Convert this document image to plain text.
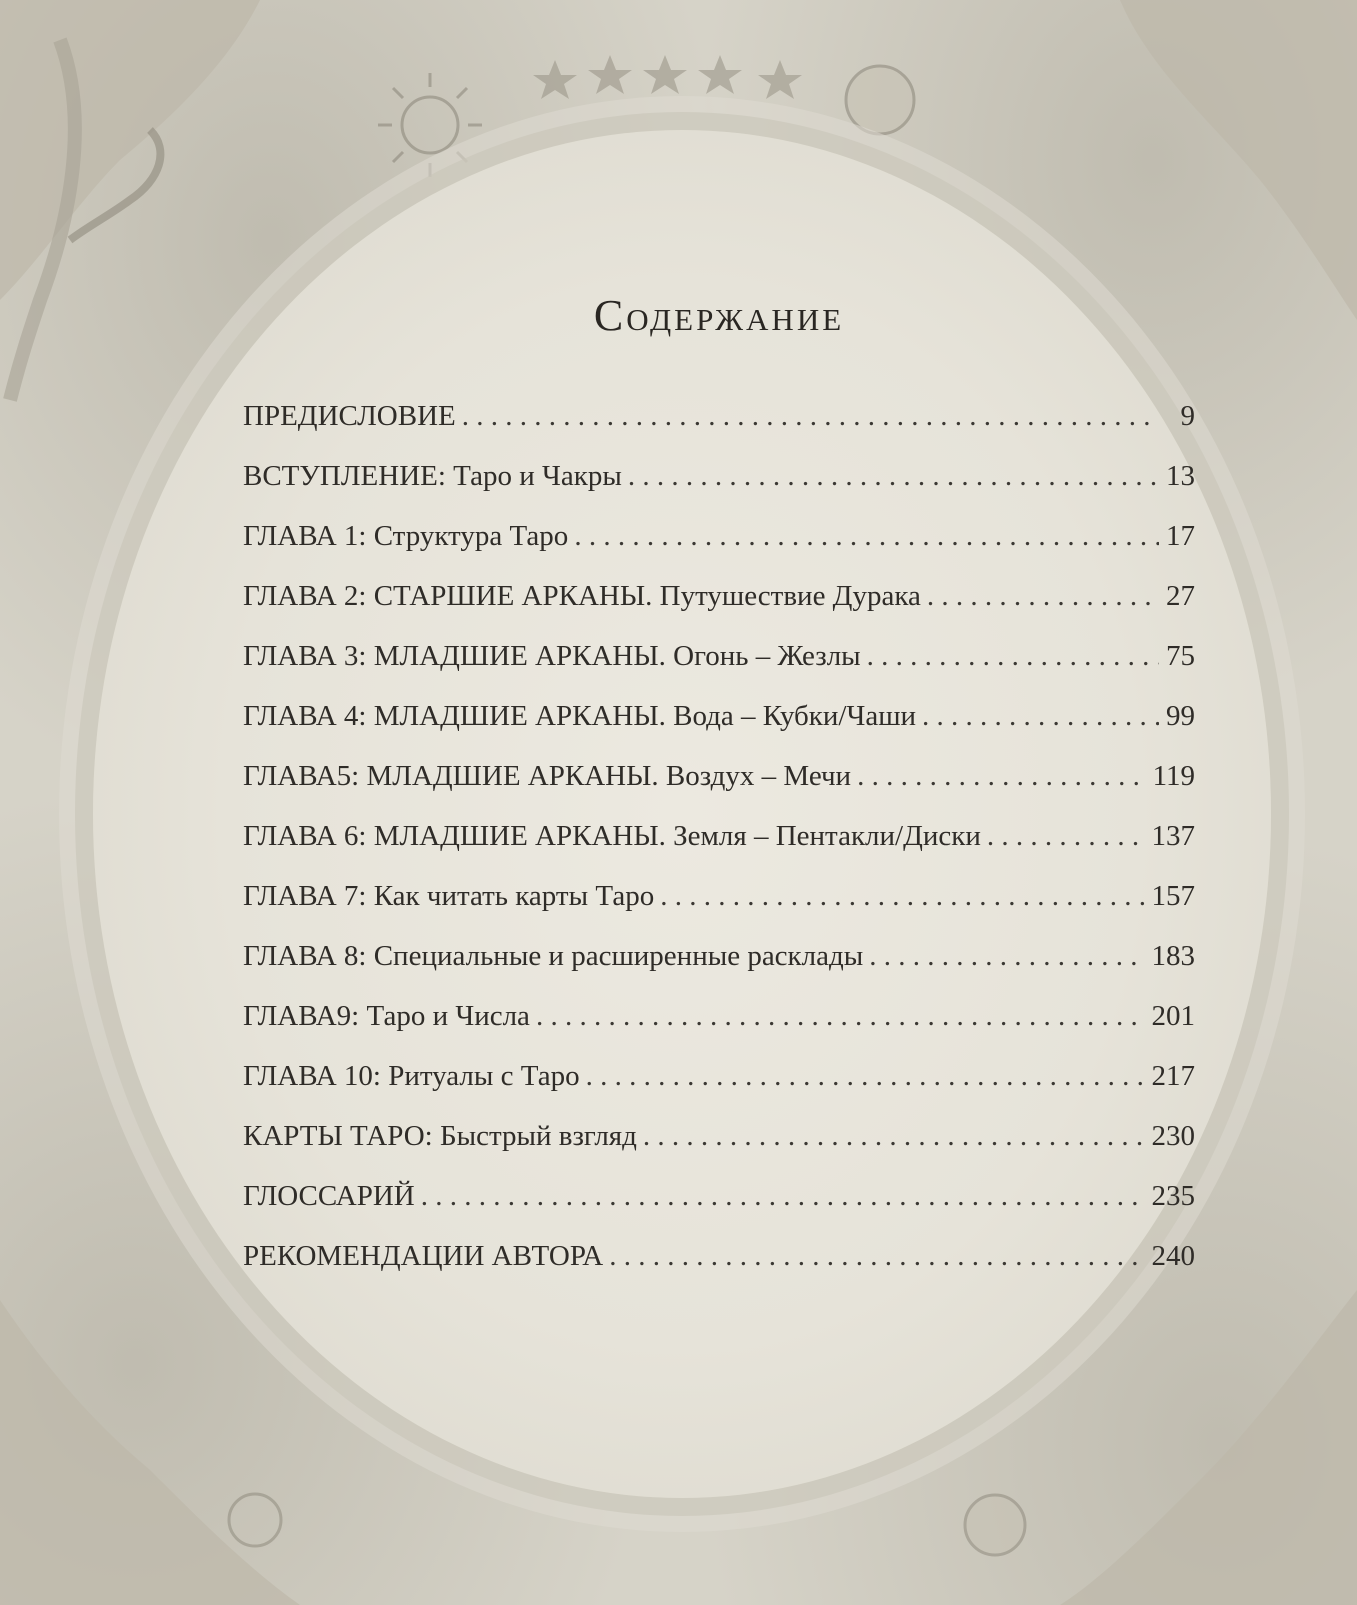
Содержание
ПРЕДИСЛОВИЕ . . .	9
ВСТУПЛЕНИЕ: Таро и Чакры . . .	13
ГЛАВА 1: Структура Таро . . .	17
ГЛАВА 2: СТАРШИЕ АРКАНЫ. Путушествие Дурака . . .	27
ГЛАВА 3: МЛАДШИЕ АРКАНЫ. Огонь – Жезлы . . .	75
ГЛАВА 4: МЛАДШИЕ АРКАНЫ. Вода – Кубки/Чаши . . .	99
ГЛАВА5: МЛАДШИЕ АРКАНЫ. Воздух – Мечи . . .	119
ГЛАВА 6: МЛАДШИЕ АРКАНЫ. Земля – Пентакли/Диски . . .	137
ГЛАВА 7: Как читать карты Таро . . .	157
ГЛАВА 8: Специальные и расширенные расклады . . .	183
ГЛАВА9: Таро и Числа . . .	201
ГЛАВА 10: Ритуалы с Таро . . .	217
КАРТЫ ТАРО: Быстрый взгляд . . .	230
ГЛОССАРИЙ . . .	235
РЕКОМЕНДАЦИИ АВТОРА . . .	240
